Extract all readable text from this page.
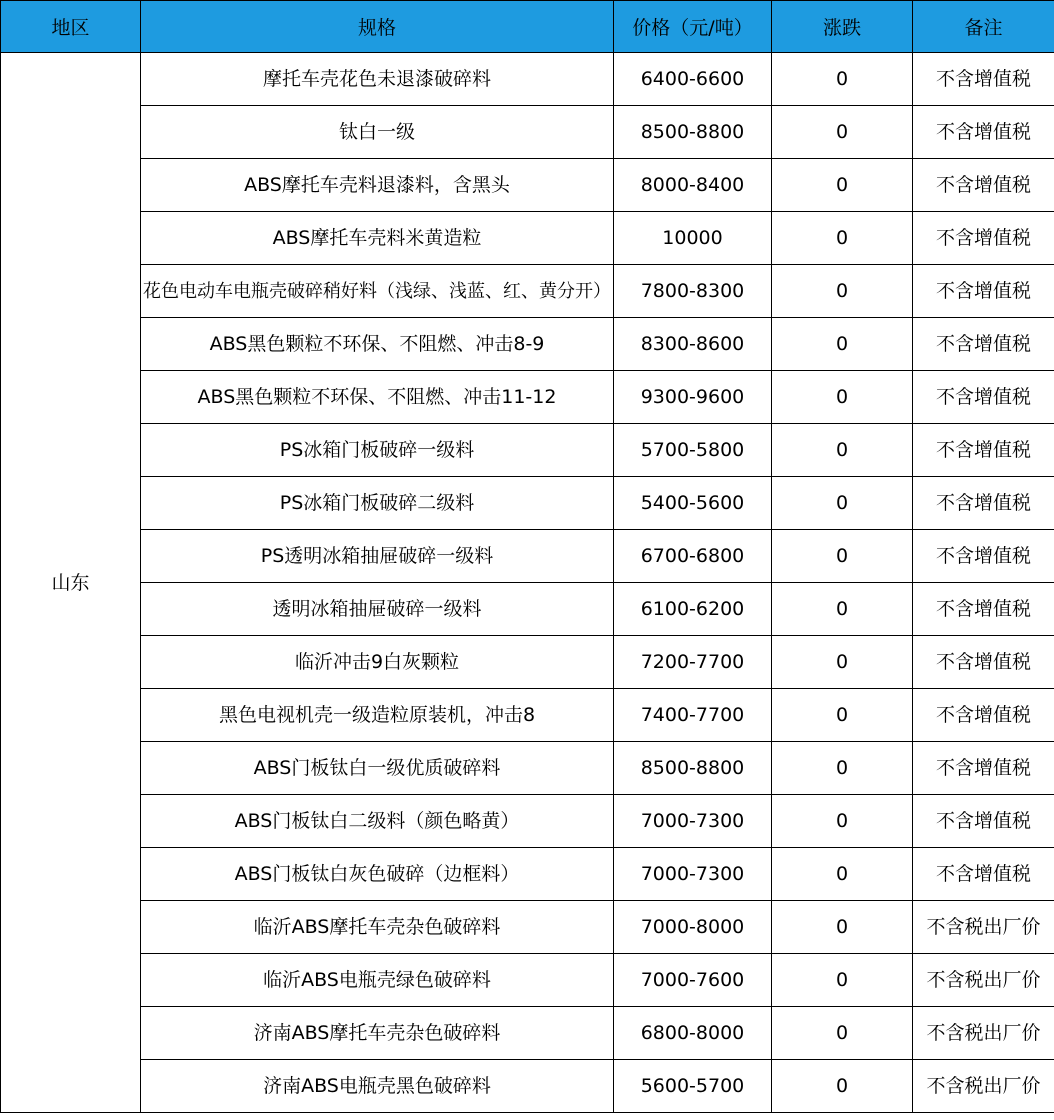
地区	规格	价格（元/吨）	涨跌	备注
山东	摩托车壳花色未退漆破碎料	6400-6600	0	不含增值税
	钛白一级	8500-8800	0	不含增值税
	ABS摩托车壳料退漆料，含黑头	8000-8400	0	不含增值税
	ABS摩托车壳料米黄造粒	10000	0	不含增值税
	花色电动车电瓶壳破碎稍好料（浅绿、浅蓝、红、黄分开）	7800-8300	0	不含增值税
	ABS黑色颗粒不环保、不阻燃、冲击8-9	8300-8600	0	不含增值税
	ABS黑色颗粒不环保、不阻燃、冲击11-12	9300-9600	0	不含增值税
	PS冰箱门板破碎一级料	5700-5800	0	不含增值税
	PS冰箱门板破碎二级料	5400-5600	0	不含增值税
	PS透明冰箱抽屉破碎一级料	6700-6800	0	不含增值税
	透明冰箱抽屉破碎一级料	6100-6200	0	不含增值税
	临沂冲击9白灰颗粒	7200-7700	0	不含增值税
	黑色电视机壳一级造粒原装机，冲击8	7400-7700	0	不含增值税
	ABS门板钛白一级优质破碎料	8500-8800	0	不含增值税
	ABS门板钛白二级料（颜色略黄）	7000-7300	0	不含增值税
	ABS门板钛白灰色破碎（边框料）	7000-7300	0	不含增值税
	临沂ABS摩托车壳杂色破碎料	7000-8000	0	不含税出厂价
	临沂ABS电瓶壳绿色破碎料	7000-7600	0	不含税出厂价
	济南ABS摩托车壳杂色破碎料	6800-8000	0	不含税出厂价
	济南ABS电瓶壳黑色破碎料	5600-5700	0	不含税出厂价
